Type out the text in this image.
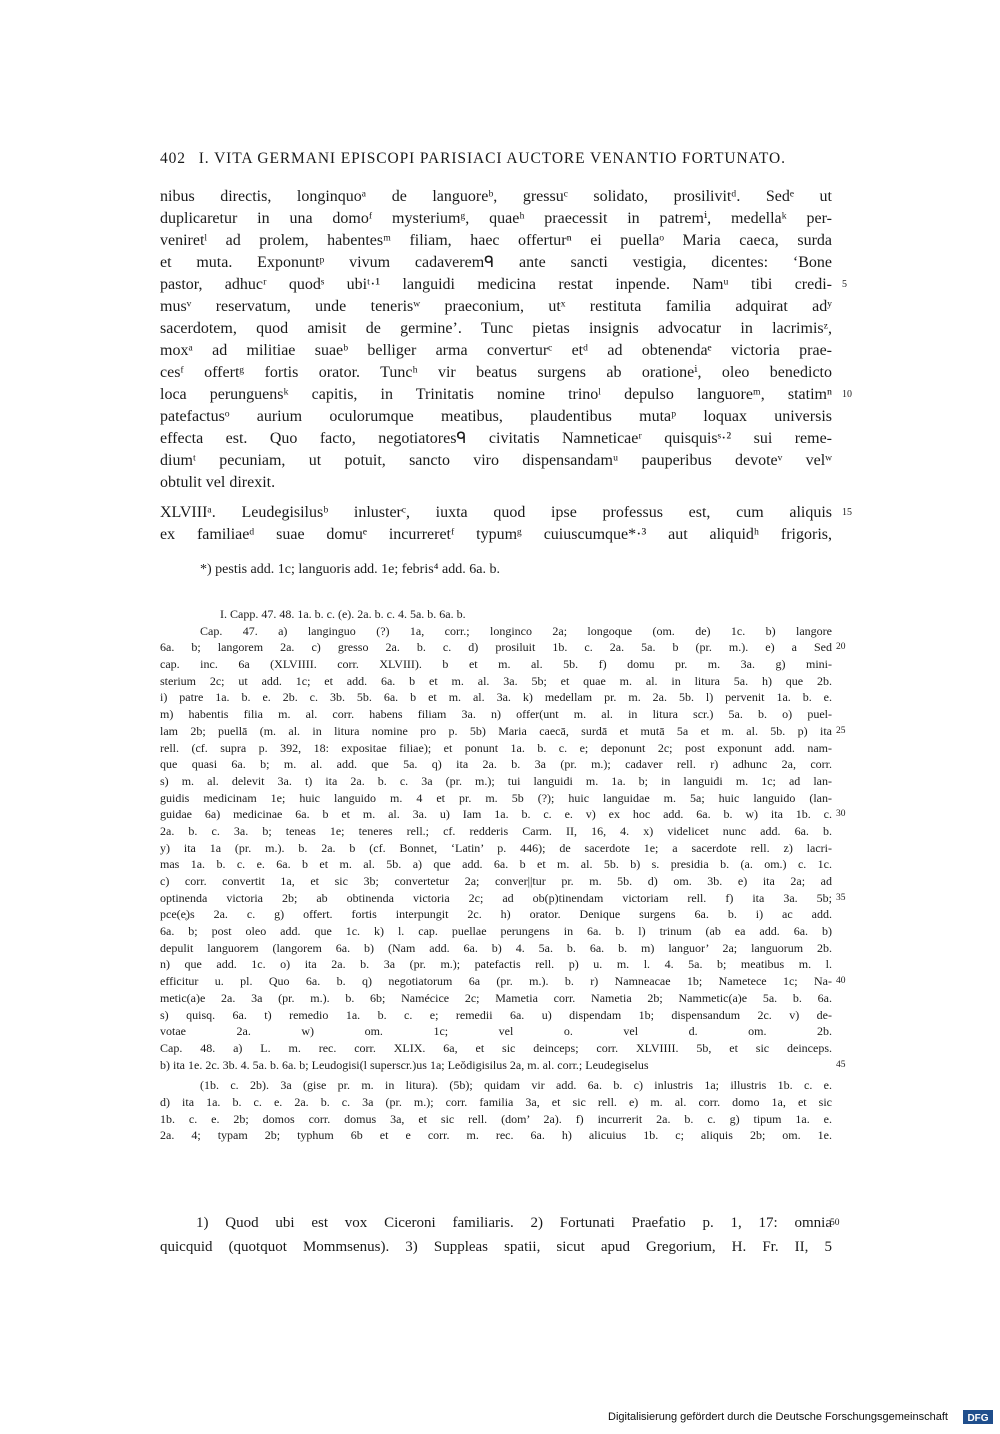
402 I. VITA GERMANI EPISCOPI PARISIACI AUCTORE VENANTIO FORTUNATO.
nibus directis, longinquoᵃ de languoreᵇ, gressuᶜ solidato, prosilivitᵈ. Sedᵉ ut
duplicaretur in una domoᶠ mysteriumᵍ, quaeʰ praecessit in patremⁱ, medellaᵏ per-
veniretˡ ad prolem, habentesᵐ filiam, haec offerturⁿ ei puellaᵒ Maria caeca, surda
et muta. Exponuntᵖ vivum cadaveremᑫ ante sancti vestigia, dicentes: ‘Bone
pastor, adhucʳ quodˢ ubiᵗ·¹ languidi medicina restat inpende. Namᵘ tibi credi- 5
musᵛ reservatum, unde tenerisʷ praeconium, utˣ restituta familia adquirat adʸ
sacerdotem, quod amisit de germine’. Tunc pietas insignis advocatur in lacrimisᶻ,
moxᵃ ad militiae suaeᵇ belliger arma converturᶜ etᵈ ad obtenendaᵉ victoria prae-
cesᶠ offertᵍ fortis orator. Tuncʰ vir beatus surgens ab orationeⁱ, oleo benedicto
loca perunguensᵏ capitis, in Trinitatis nomine trinoˡ depulso languoreᵐ, statimⁿ 10
patefactusᵒ aurium oculorumque meatibus, plaudentibus mutaᵖ loquax universis
effecta est. Quo facto, negotiatoresᑫ civitatis Namneticaeʳ quisquisˢ·² sui reme-
diumᵗ pecuniam, ut potuit, sancto viro dispensandamᵘ pauperibus devoteᵛ velʷ
obtulit vel direxit.
XLVIIIᵃ. Leudegisilusᵇ inlusterᶜ, iuxta quod ipse professus est, cum aliquis 15
ex familiaeᵈ suae domuᵉ incurreretᶠ typumᵍ cuiuscumque*·³ aut aliquidʰ frigoris,
*) pestis add. 1c; languoris add. 1e; febris⁴ add. 6a. b.
I. Capp. 47. 48. 1a. b. c. (e). 2a. b. c. 4. 5a. b. 6a. b.
Cap. 47. a) langinguo (?) 1a, corr.; longinco 2a; longoque (om. de) 1c. b) langore
6a. b; langorem 2a. c) gresso 2a. b. c. d) prosiluit 1b. c. 2a. 5a. b (pr. m.). e) a Sed 20
cap. inc. 6a (XLVIIII. corr. XLVIII). b et m. al. 5b. f) domu pr. m. 3a. g) mini-
sterium 2c; ut add. 1c; et add. 6a. b et m. al. 3a. 5b; et quae m. al. in litura 5a. h) que 2b.
i) patre 1a. b. e. 2b. c. 3b. 5b. 6a. b et m. al. 3a. k) medellam pr. m. 2a. 5b. l) pervenit 1a. b. e.
m) habentis filia m. al. corr. habens filiam 3a. n) offer(unt m. al. in litura scr.) 5a. b. o) puel-
lam 2b; puellā (m. al. in litura nomine pro p. 5b) Maria caecā, surdā et mutā 5a et m. al. 5b. p) ita 25
rell. (cf. supra p. 392, 18: expositae filiae); et ponunt 1a. b. c. e; deponunt 2c; post exponunt add. nam-
que quasi 6a. b; m. al. add. que 5a. q) ita 2a. b. 3a (pr. m.); cadaver rell. r) adhunc 2a, corr.
s) m. al. delevit 3a. t) ita 2a. b. c. 3a (pr. m.); tui languidi m. 1a. b; in languidi m. 1c; ad lan-
guidis medicinam 1e; huic languido m. 4 et pr. m. 5b (?); huic languidae m. 5a; huic languido (lan-
guidae 6a) medicinae 6a. b et m. al. 3a. u) Iam 1a. b. c. e. v) ex hoc add. 6a. b. w) ita 1b. c. 30
2a. b. c. 3a. b; teneas 1e; teneres rell.; cf. redderis Carm. II, 16, 4. x) videlicet nunc add. 6a. b.
y) ita 1a (pr. m.). b. 2a. b (cf. Bonnet, ‘Latin’ p. 446); de sacerdote 1e; a sacerdote rell. z) lacri-
mas 1a. b. c. e. 6a. b et m. al. 5b. a) que add. 6a. b et m. al. 5b. b) s. presidia b. (a. om.) c. 1c.
c) corr. convertit 1a, et sic 3b; convertetur 2a; conver||tur pr. m. 5b. d) om. 3b. e) ita 2a; ad
optinenda victoria 2b; ab obtinenda victoria 2c; ad ob(p)tinendam victoriam rell. f) ita 3a. 5b; 35
pce(e̜)s 2a. c. g) offert. fortis interpungit 2c. h) orator. Denique surgens 6a. b. i) ac add.
6a. b; post oleo add. que 1c. k) l. cap. puellae perungens in 6a. b. l) trinum (ab ea add. 6a. b)
depulit languorem (langorem 6a. b) (Nam add. 6a. b) 4. 5a. b. 6a. b. m) languor’ 2a; languorum 2b.
n) que add. 1c. o) ita 2a. b. 3a (pr. m.); patefactis rell. p) u. m. l. 4. 5a. b; meatibus m. l.
efficitur u. pl. Quo 6a. b. q) negotiatorum 6a (pr. m.). b. r) Namneacae 1b; Nametece 1c; Na- 40
metic(a)e 2a. 3a (pr. m.). b. 6b; Namécice 2c; Mametia corr. Nametia 2b; Nammetic(a)e 5a. b. 6a.
s) quisq. 6a. t) remedio 1a. b. c. e; remedii 6a. u) dispendam 1b; dispensandum 2c. v) de-
votae 2a. w) om. 1c; vel o. vel d. om. 2b.
Cap. 48. a) L. m. rec. corr. XLIX. 6a, et sic deinceps; corr. XLVIIII. 5b, et sic deinceps.
b) ita 1e. 2c. 3b. 4. 5a. b. 6a. b; Leudogisi(l superscr.)us 1a; Leŏdigisilus 2a, m. al. corr.; Leudegiselus	45
(1b. c. 2b). 3a (gise pr. m. in litura). (5b); quidam vir add. 6a. b. c) inlustris 1a; illustris 1b. c. e.
d) ita 1a. b. c. e. 2a. b. c. 3a (pr. m.); corr. familia 3a, et sic rell. e) m. al. corr. domo 1a, et sic
1b. c. e. 2b; domos corr. domus 3a, et sic rell. (dom’ 2a). f) incurrerit 2a. b. c. g) tipum 1a. e.
2a. 4; typam 2b; typhum 6b et e corr. m. rec. 6a. h) alicuius 1b. c; aliquis 2b; om. 1e.
1) Quod ubi est vox Ciceroni familiaris. 2) Fortunati Praefatio p. 1, 17: omnia
50
quicquid (quotquot Mommsenus). 3) Suppleas spatii, sicut apud Gregorium, H. Fr. II, 5
Digitalisierung gefördert durch die Deutsche Forschungsgemeinschaft DFG
